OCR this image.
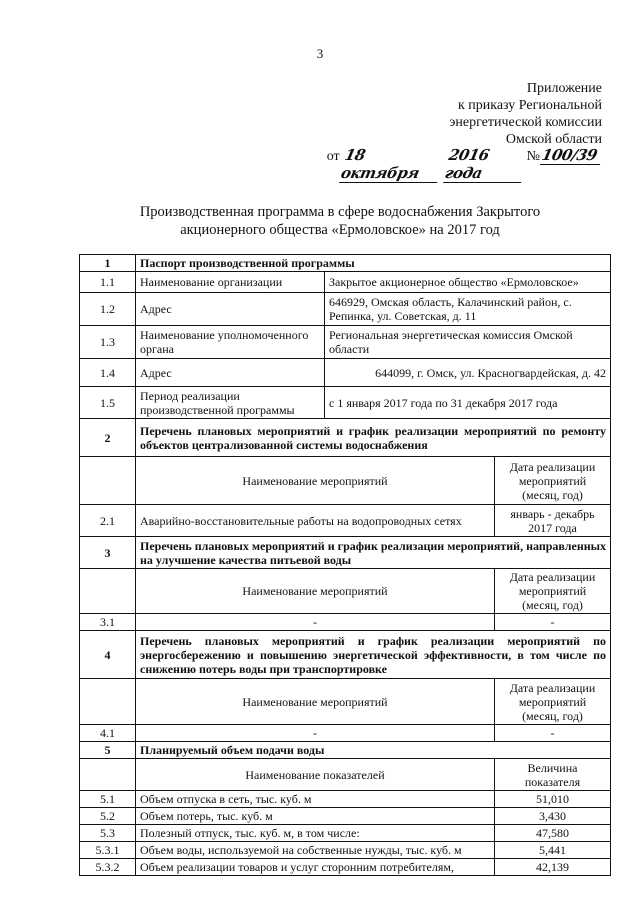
3
Приложение
к приказу Региональной
энергетической комиссии
Омской области
от 18 октября
2016 года
№ 100/39
Производственная программа в сфере водоснабжения Закрытого
акционерного общества «Ермоловское» на 2017 год
1	Паспорт производственной программы		
1.1	Наименование организации	Закрытое акционерное общество «Ермоловское»	
1.2	Адрес	646929, Омская область, Калачинский район, с. Репинка, ул. Советская, д. 11	
1.3	Наименование уполномоченного органа	Региональная энергетическая комиссия Омской области	
1.4	Адрес	644099, г. Омск, ул. Красногвардейская, д. 42	
1.5	Период реализации производственной программы	с 1 января 2017 года по 31 декабря 2017 года	
2	Перечень плановых мероприятий и график реализации мероприятий по ремонту объектов централизованной системы водоснабжения		
	Наименование мероприятий		Дата реализации мероприятий (месяц, год)
2.1	Аварийно-восстановительные работы на водопроводных сетях		январь - декабрь 2017 года
3	Перечень плановых мероприятий и график реализации мероприятий, направленных на улучшение качества питьевой воды		
	Наименование мероприятий		Дата реализации мероприятий (месяц, год)
3.1	-		-
4	Перечень плановых мероприятий и график реализации мероприятий по энергосбережению и повышению энергетической эффективности, в том числе по снижению потерь воды при транспортировке		
	Наименование мероприятий		Дата реализации мероприятий (месяц, год)
4.1	-		-
5	Планируемый объем подачи воды		
	Наименование показателей		Величина показателя
5.1	Объем отпуска в сеть, тыс. куб. м		51,010
5.2	Объем потерь, тыс. куб. м		3,430
5.3	Полезный отпуск, тыс. куб. м, в том числе:		47,580
5.3.1	Объем воды, используемой на собственные нужды, тыс. куб. м		5,441
5.3.2	Объем реализации товаров и услуг сторонним потребителям,		42,139
